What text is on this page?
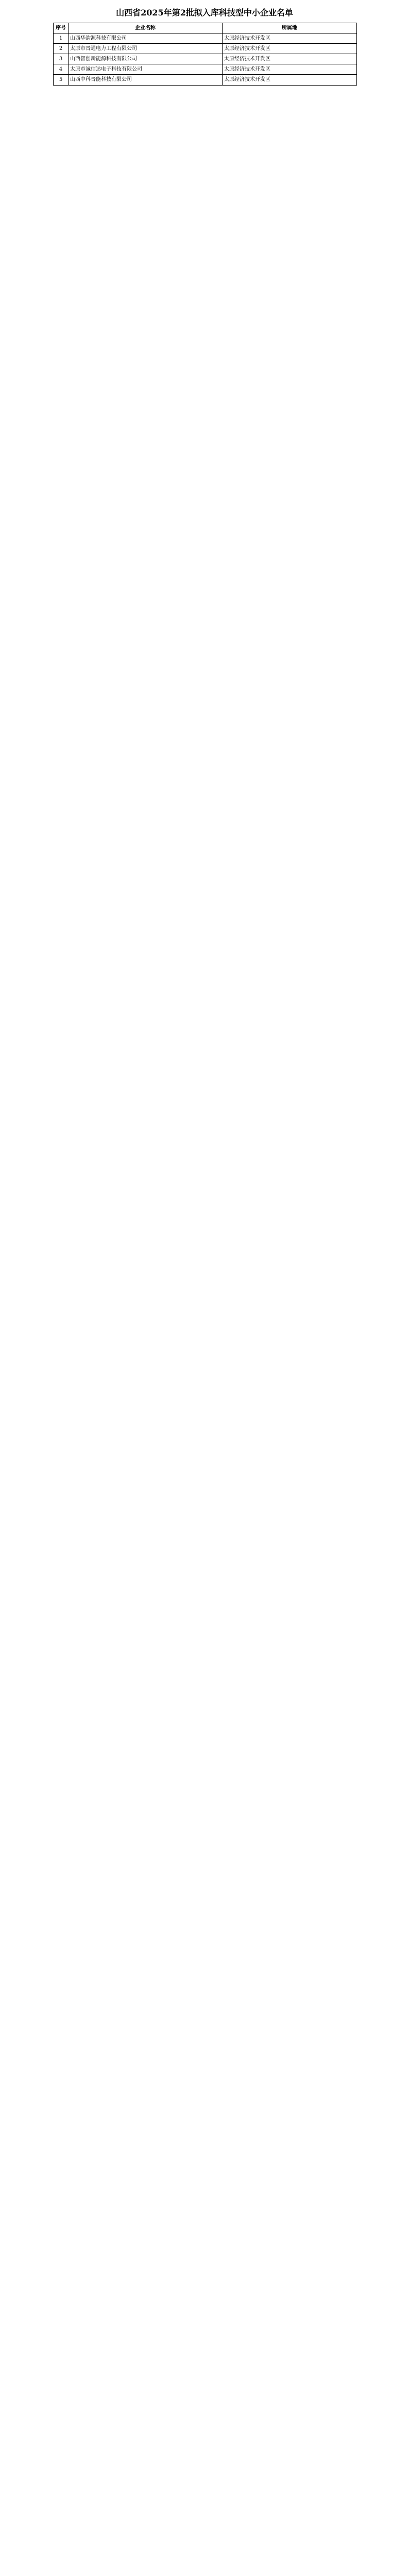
山西省2025年第2批拟入库科技型中小企业名单
序号	企业名称	所属地
1	山西华韵源科技有限公司	太原经济技术开发区
2	太原市晋通电力工程有限公司	太原经济技术开发区
3	山西智创新能源科技有限公司	太原经济技术开发区
4	太原市诚信达电子科技有限公司	太原经济技术开发区
5	山西中科晋能科技有限公司	太原经济技术开发区
